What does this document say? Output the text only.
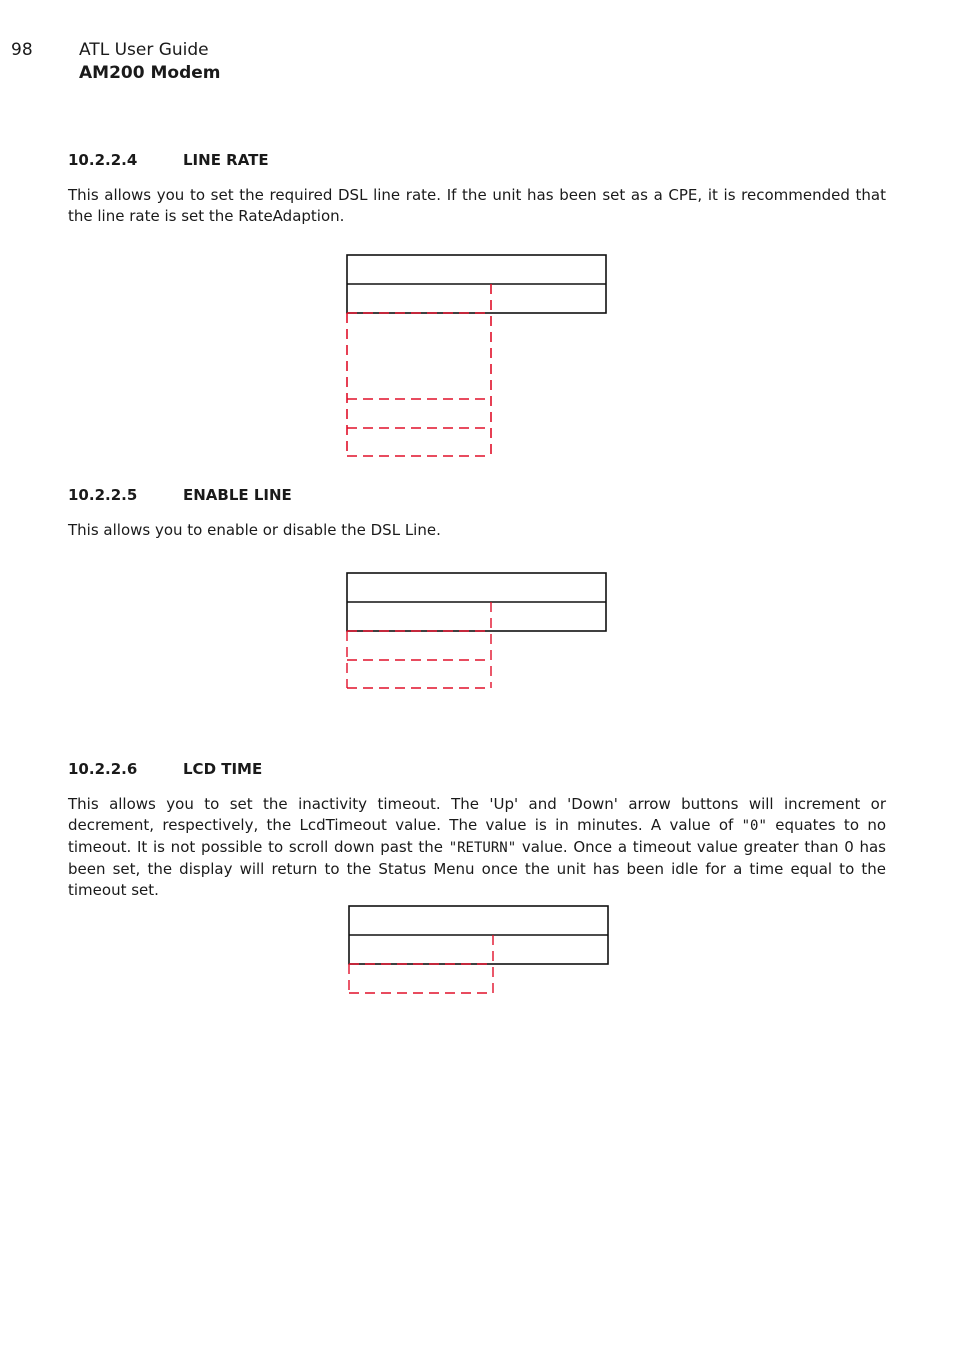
98	ATL User Guide
AM200 Modem
10.2.2.4	LINE RATE
This allows you to set the required DSL line rate. If the unit has been set as a CPE, it is recommended that the line rate is set the RateAdaption.
10.2.2.5	ENABLE LINE
This allows you to enable or disable the DSL Line.
10.2.2.6	LCD TIME
This allows you to set the inactivity timeout. The 'Up' and 'Down' arrow buttons will increment or decrement, respectively, the LcdTimeout value. The value is in minutes. A value of "0" equates to no timeout. It is not possible to scroll down past the "RETURN" value. Once a timeout value greater than 0 has been set, the display will return to the Status Menu once the unit has been idle for a time equal to the timeout set.
